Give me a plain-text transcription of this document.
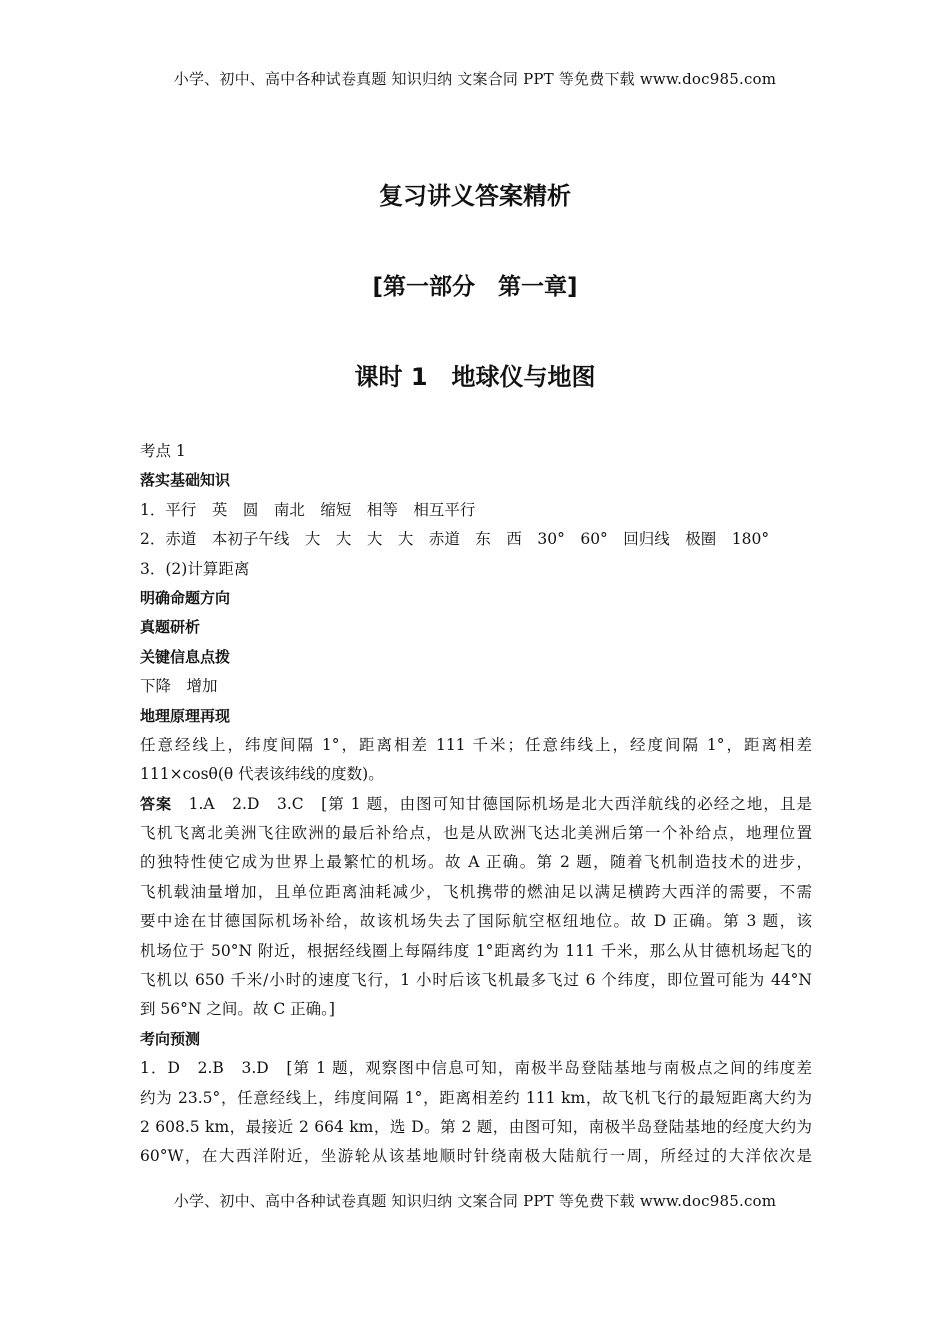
小学、初中、高中各种试卷真题 知识归纳 文案合同 PPT 等免费下载 www.doc985.com
复习讲义答案精析
[第一部分　第一章]
课时 1　地球仪与地图
考点 1
落实基础知识
1．平行　英　圆　南北　缩短　相等　相互平行
2．赤道　本初子午线　大　大　大　大　赤道　东　西　30°　60°　回归线　极圈　180°
3．(2)计算距离
明确命题方向
真题研析
关键信息点拨
下降　增加
地理原理再现
任意经线上，纬度间隔 1°，距离相差 111 千米；任意纬线上，经度间隔 1°，距离相差
111×cosθ(θ 代表该纬线的度数)。
答案　 1.A　2.D　3.C　[第 1 题，由图可知甘德国际机场是北大西洋航线的必经之地，且是
飞机飞离北美洲飞往欧洲的最后补给点，也是从欧洲飞达北美洲后第一个补给点，地理位置
的独特性使它成为世界上最繁忙的机场。故 A 正确。第 2 题，随着飞机制造技术的进步，
飞机载油量增加，且单位距离油耗减少，飞机携带的燃油足以满足横跨大西洋的需要，不需
要中途在甘德国际机场补给，故该机场失去了国际航空枢纽地位。故 D 正确。第 3 题，该
机场位于 50°N 附近，根据经线圈上每隔纬度 1°距离约为 111 千米，那么从甘德机场起飞的
飞机以 650 千米/小时的速度飞行，1 小时后该飞机最多飞过 6 个纬度，即位置可能为 44°N
到 56°N 之间。故 C 正确。]
考向预测
1．D　2.B　3.D　[第 1 题，观察图中信息可知，南极半岛登陆基地与南极点之间的纬度差
约为 23.5°，任意经线上，纬度间隔 1°，距离相差约 111 km，故飞机飞行的最短距离大约为
2 608.5 km，最接近 2 664 km，选 D。第 2 题，由图可知，南极半岛登陆基地的经度大约为
60°W，在大西洋附近，坐游轮从该基地顺时针绕南极大陆航行一周，所经过的大洋依次是
小学、初中、高中各种试卷真题 知识归纳 文案合同 PPT 等免费下载 www.doc985.com
